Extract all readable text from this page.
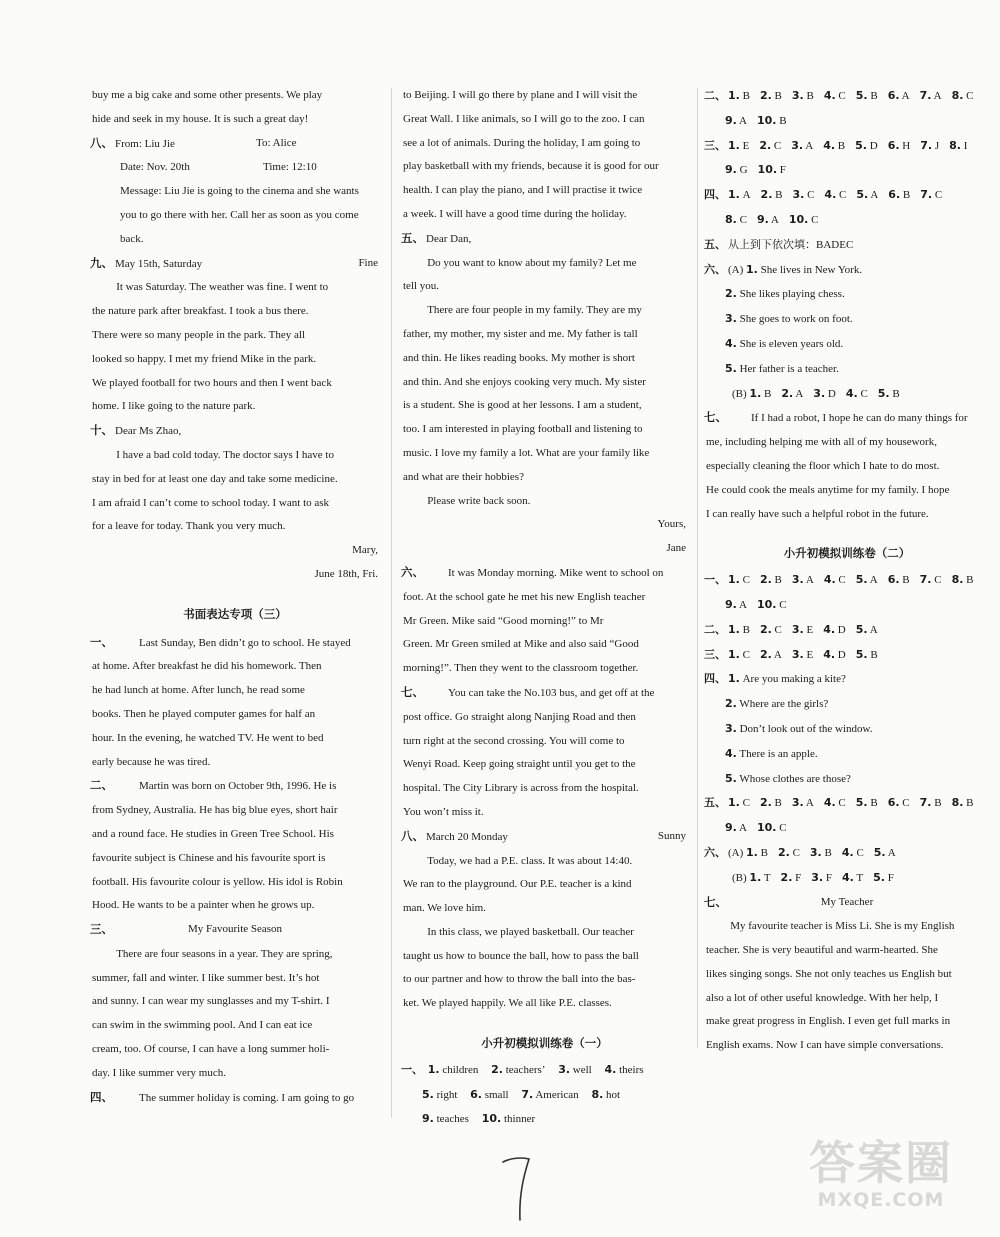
buy me a big cake and some other presents. We play

hide and seek in my house. It is such a great day!

八、 From: Liu Jie	To: Alice
Date: Nov. 20th	Time: 12:10

Message: Liu Jie is going to the cinema and she wants

you to go there with her. Call her as soon as you come

back.

九、 May 15th, Saturday	Fine

It was Saturday. The weather was fine. I went to

the nature park after breakfast. I took a bus there.

There were so many people in the park. They all

looked so happy. I met my friend Mike in the park.

We played football for two hours and then I went back

home. I like going to the nature park.

十、 Dear Ms Zhao,

I have a bad cold today. The doctor says I have to

stay in bed for at least one day and take some medicine.

I am afraid I can’t come to school today. I want to ask

for a leave for today. Thank you very much.

Mary,

June 18th, Fri.

书面表达专项（三）

一、 Last Sunday, Ben didn’t go to school. He stayed

at home. After breakfast he did his homework. Then

he had lunch at home. After lunch, he read some

books. Then he played computer games for half an

hour. In the evening, he watched TV. He went to bed

early because he was tired.

二、 Martin was born on October 9th, 1996. He is

from Sydney, Australia. He has big blue eyes, short hair

and a round face. He studies in Green Tree School. His

favourite subject is Chinese and his favourite sport is

football. His favourite colour is yellow. His idol is Robin

Hood. He wants to be a painter when he grows up.

三、	My Favourite Season

There are four seasons in a year. They are spring,

summer, fall and winter. I like summer best. It’s hot

and sunny. I can wear my sunglasses and my T-shirt. I

can swim in the swimming pool. And I can eat ice

cream, too. Of course, I can have a long summer holi-

day. I like summer very much.

四、 The summer holiday is coming. I am going to go

to Beijing. I will go there by plane and I will visit the

Great Wall. I like animals, so I will go to the zoo. I can

see a lot of animals. During the holiday, I am going to

play basketball with my friends, because it is good for our

health. I can play the piano, and I will practise it twice

a week. I will have a good time during the holiday.

五、 Dear Dan,

Do you want to know about my family? Let me

tell you.

There are four people in my family. They are my

father, my mother, my sister and me. My father is tall

and thin. He likes reading books. My mother is short

and thin. And she enjoys cooking very much. My sister

is a student. She is good at her lessons. I am a student,

too. I am interested in playing football and listening to

music. I love my family a lot. What are your family like

and what are their hobbies?

Please write back soon.

Yours,

Jane

六、 It was Monday morning. Mike went to school on

foot. At the school gate he met his new English teacher

Mr Green. Mike said “Good morning!” to Mr

Green. Mr Green smiled at Mike and also said “Good

morning!”. Then they went to the classroom together.

七、 You can take the No.103 bus, and get off at the

post office. Go straight along Nanjing Road and then

turn right at the second crossing. You will come to

Wenyi Road. Keep going straight until you get to the

hospital. The City Library is across from the hospital.

You won’t miss it.

八、 March 20 Monday	Sunny

Today, we had a P.E. class. It was about 14:40.

We ran to the playground. Our P.E. teacher is a kind

man. We love him.

In this class, we played basketball. Our teacher

taught us how to bounce the ball, how to pass the ball

to our partner and how to throw the ball into the bas-

ket. We played happily. We all like P.E. classes.

小升初模拟训练卷（一）

一、 1. children 2. teachers’ 3. well 4. theirs

5. right 6. small 7. American 8. hot

9. teaches 10. thinner

二、 1. B 2. B 3. B 4. C 5. B 6. A 7. A 8. C

9. A 10. B

三、 1. E 2. C 3. A 4. B 5. D 6. H 7. J 8. I

9. G 10. F

四、 1. A 2. B 3. C 4. C 5. A 6. B 7. C

8. C 9. A 10. C

五、 从上到下依次填：BADEC

六、 (A) 1. She lives in New York.

2. She likes playing chess.

3. She goes to work on foot.

4. She is eleven years old.

5. Her father is a teacher.

(B) 1. B 2. A 3. D 4. C 5. B

七、 If I had a robot, I hope he can do many things for

me, including helping me with all of my housework,

especially cleaning the floor which I hate to do most.

He could cook the meals anytime for my family. I hope

I can really have such a helpful robot in the future.

小升初模拟训练卷（二）

一、 1. C 2. B 3. A 4. C 5. A 6. B 7. C 8. B

9. A 10. C

二、 1. B 2. C 3. E 4. D 5. A

三、 1. C 2. A 3. E 4. D 5. B

四、 1. Are you making a kite?

2. Where are the girls?

3. Don’t look out of the window.

4. There is an apple.

5. Whose clothes are those?

五、 1. C 2. B 3. A 4. C 5. B 6. C 7. B 8. B

9. A 10. C

六、 (A) 1. B 2. C 3. B 4. C 5. A

(B) 1. T 2. F 3. F 4. T 5. F

七、	My Teacher

My favourite teacher is Miss Li. She is my English

teacher. She is very beautiful and warm-hearted. She

likes singing songs. She not only teaches us English but

also a lot of other useful knowledge. With her help, I

make great progress in English. I even get full marks in

English exams. Now I can have simple conversations.

答案圈
MXQE.COM
